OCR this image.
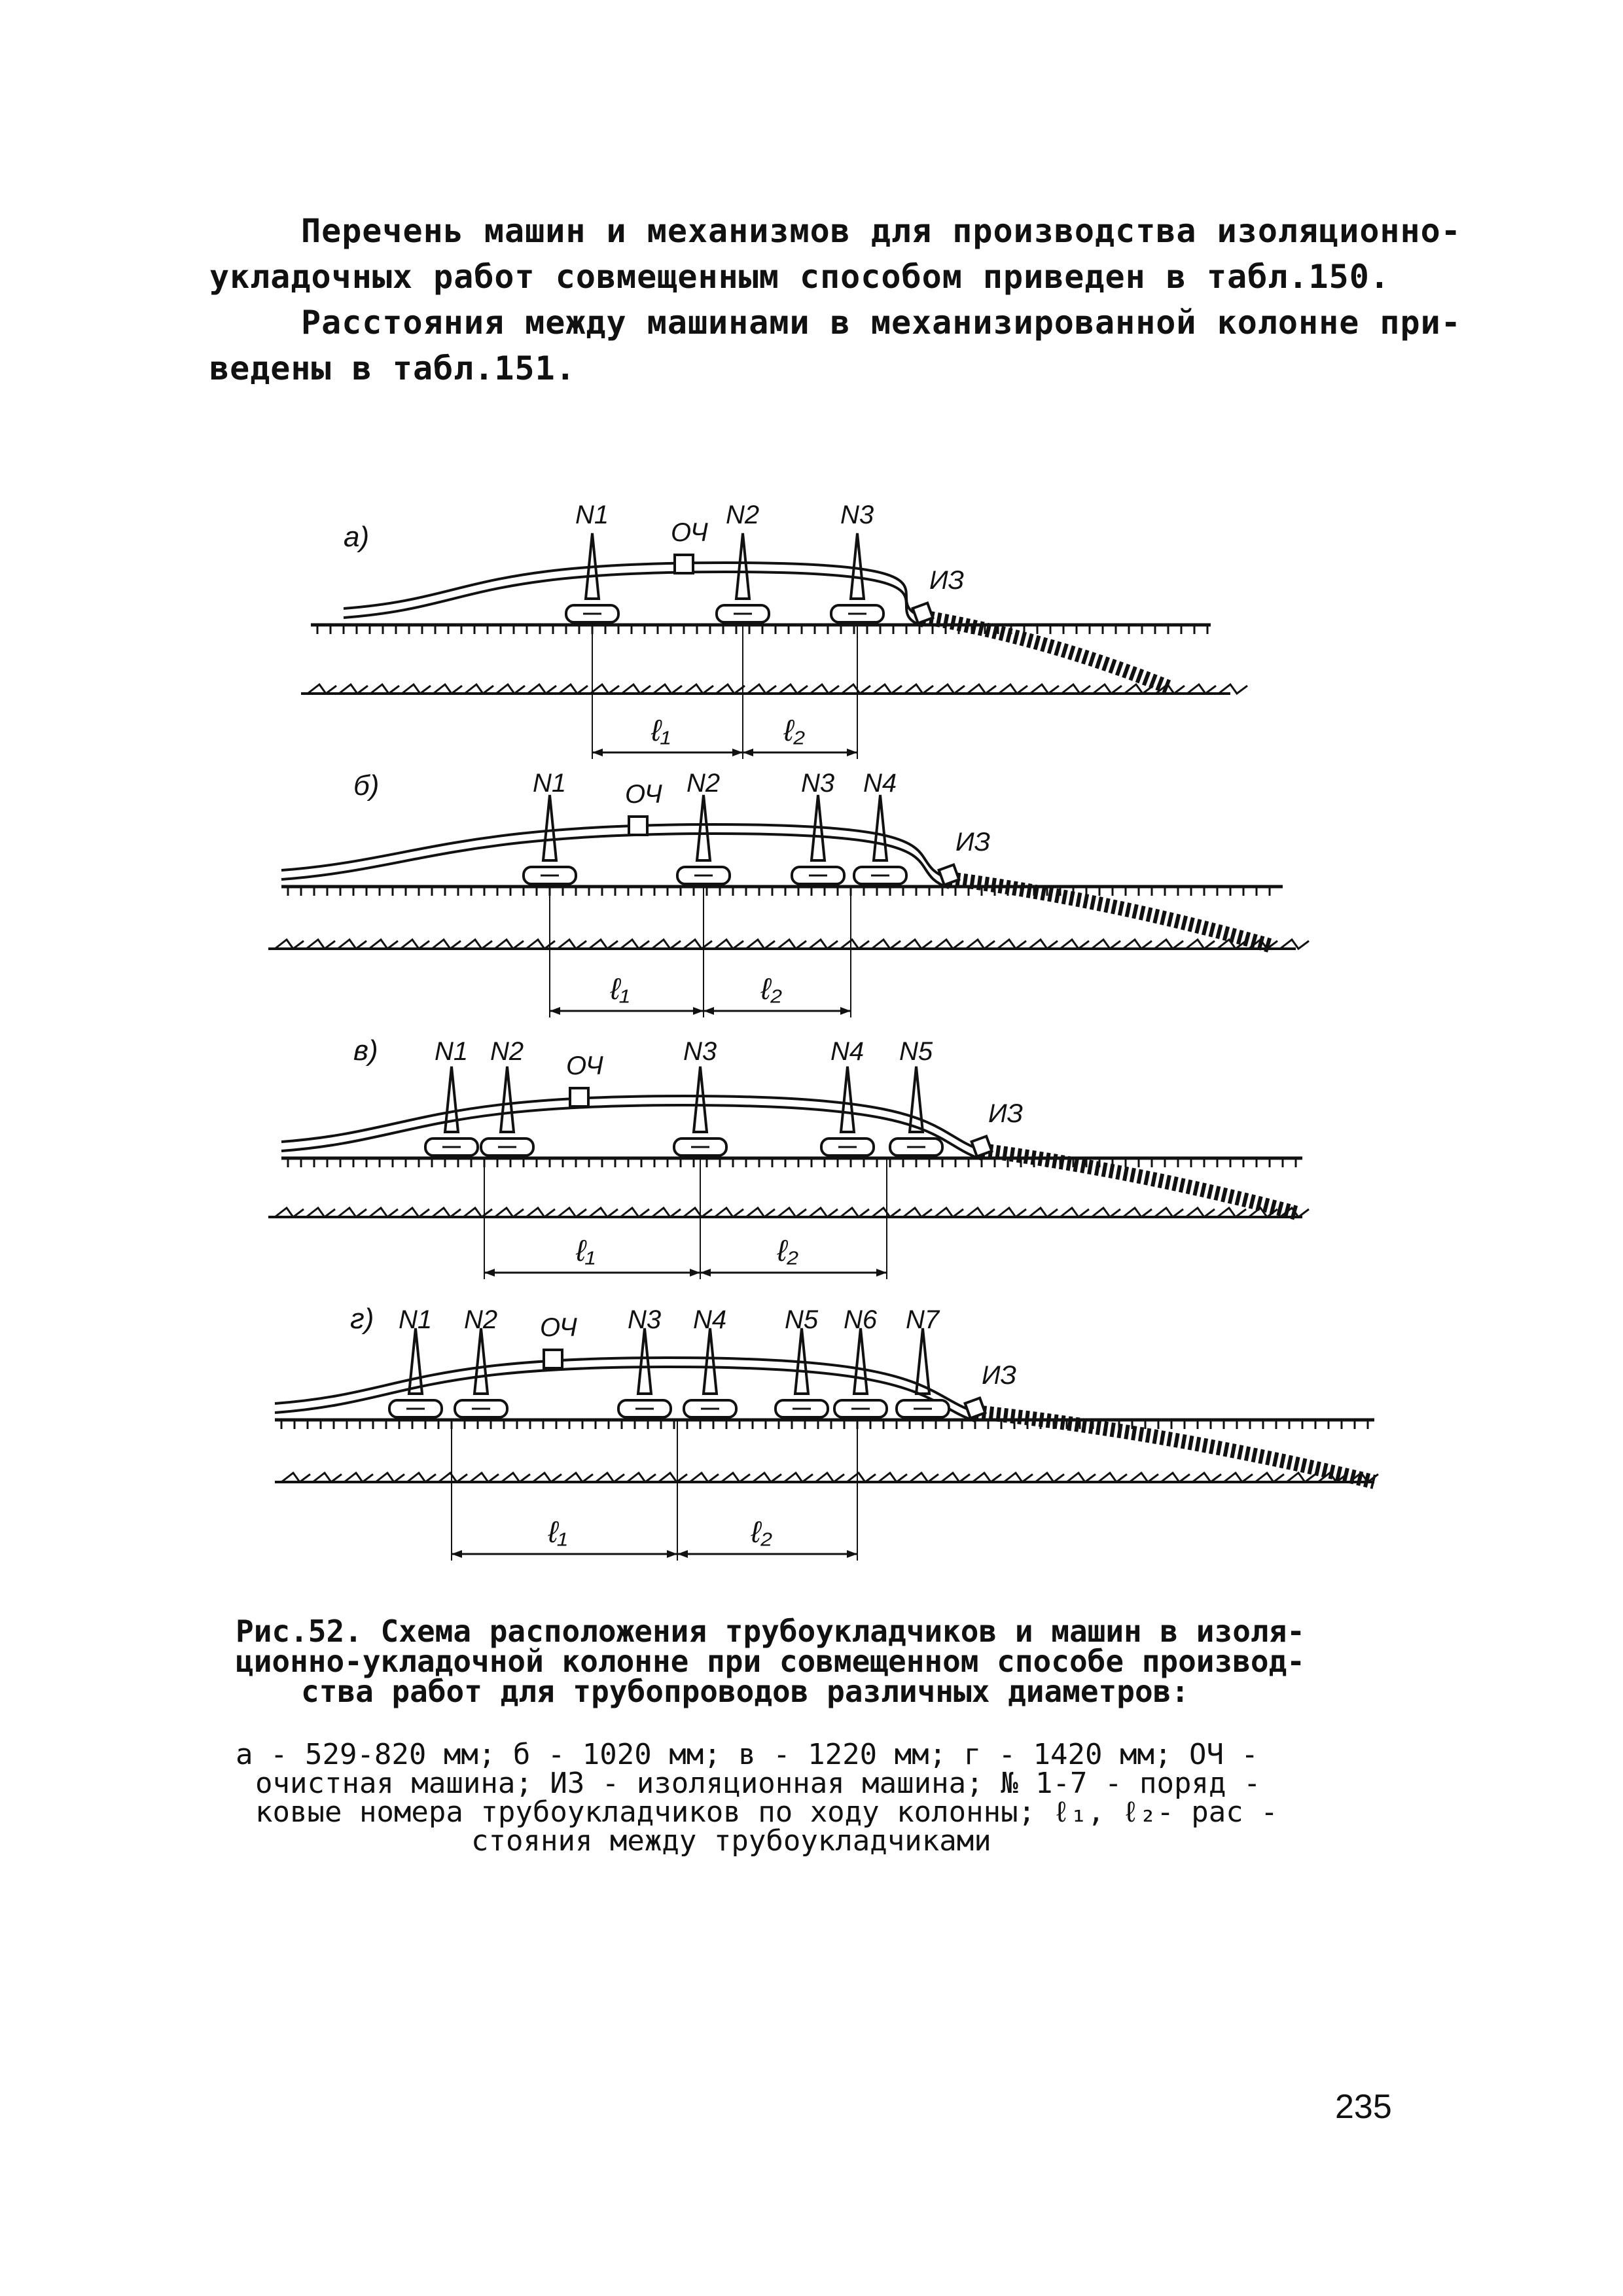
Перечень машин и механизмов для производства изоляционно-
укладочных работ совмещенным способом приведен в табл.150.

Расстояния между машинами в механизированной колонне при-
ведены в табл.151.

а)	ОЧ
ИЗ
N1	N2	N3
ℓ₁	ℓ₂
б)	ОЧ
ИЗ
N1	N2	N3 N4
ℓ₁	ℓ₂
в)	ОЧ
ИЗ
N1 N2	N3	N4 N5
ℓ₁	ℓ₂
г)	ОЧ
ИЗ
N1 N2	N3 N4 N5 N6 N7
ℓ₁	ℓ₂
Рис.52. Схема расположения трубоукладчиков и машин в изоля-
ционно-укладочной колонне при совмещенном способе производ-
ства работ для трубопроводов различных диаметров:
а - 529-820 мм; б - 1020 мм; в - 1220 мм; г - 1420 мм; ОЧ -
очистная машина; ИЗ - изоляционная машина; № 1-7 - поряд -
ковые номера трубоукладчиков по ходу колонны; ℓ₁, ℓ₂- рас -
стояния между трубоукладчиками
235
